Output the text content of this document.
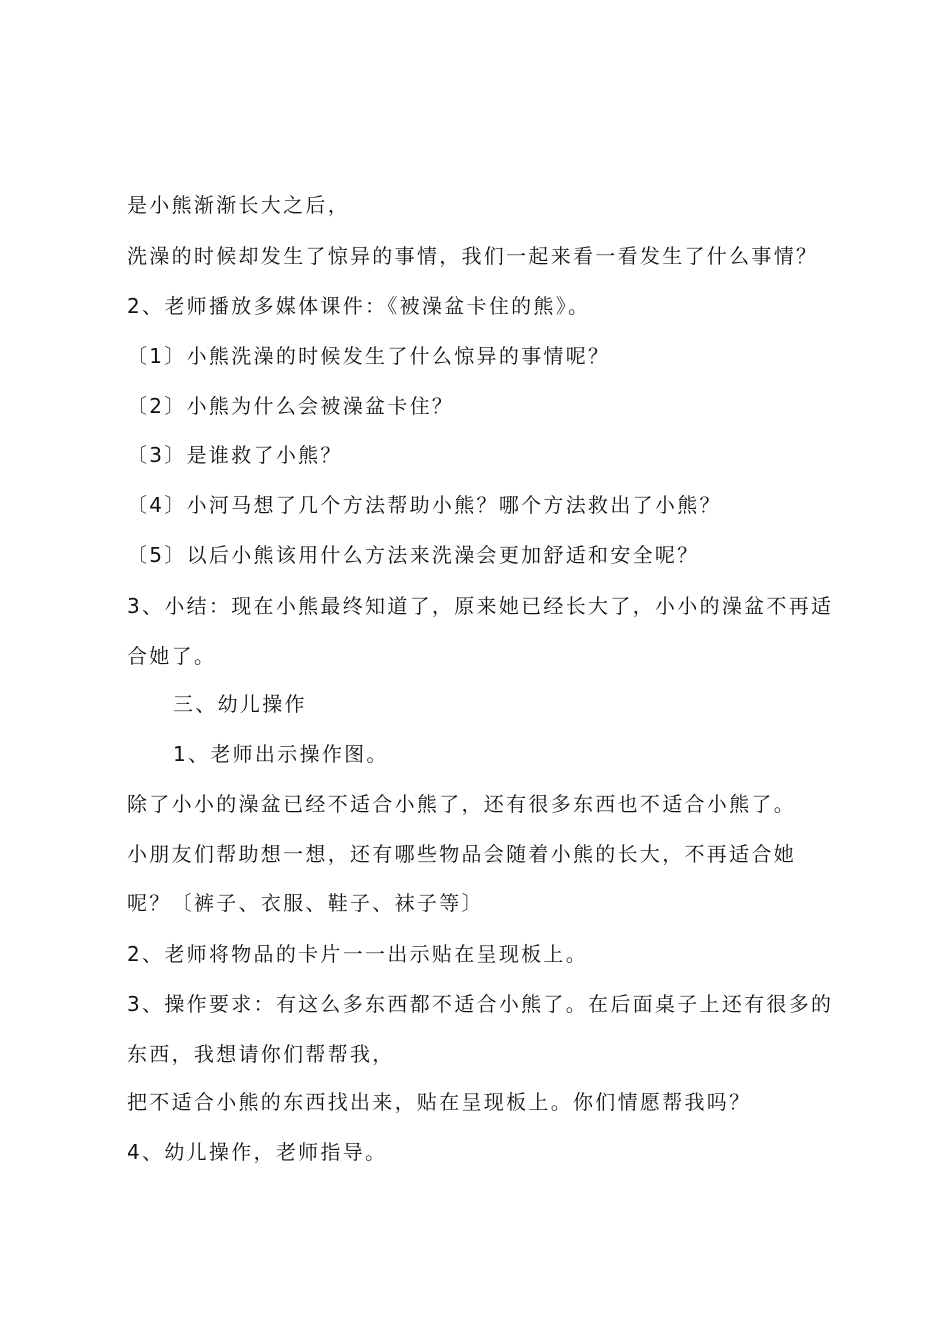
是小熊渐渐长大之后，
洗澡的时候却发生了惊异的事情，我们一起来看一看发生了什么事情？
2、老师播放多媒体课件：《被澡盆卡住的熊》。
〔1〕小熊洗澡的时候发生了什么惊异的事情呢？
〔2〕小熊为什么会被澡盆卡住？
〔3〕是谁救了小熊？
〔4〕小河马想了几个方法帮助小熊？哪个方法救出了小熊？
〔5〕以后小熊该用什么方法来洗澡会更加舒适和安全呢？
3、小结：现在小熊最终知道了，原来她已经长大了，小小的澡盆不再适
合她了。
三、幼儿操作
1、老师出示操作图。
除了小小的澡盆已经不适合小熊了，还有很多东西也不适合小熊了。
小朋友们帮助想一想，还有哪些物品会随着小熊的长大，不再适合她
呢？〔裤子、衣服、鞋子、袜子等〕
2、老师将物品的卡片一一出示贴在呈现板上。
3、操作要求：有这么多东西都不适合小熊了。在后面桌子上还有很多的
东西，我想请你们帮帮我，
把不适合小熊的东西找出来，贴在呈现板上。你们情愿帮我吗？
4、幼儿操作，老师指导。
